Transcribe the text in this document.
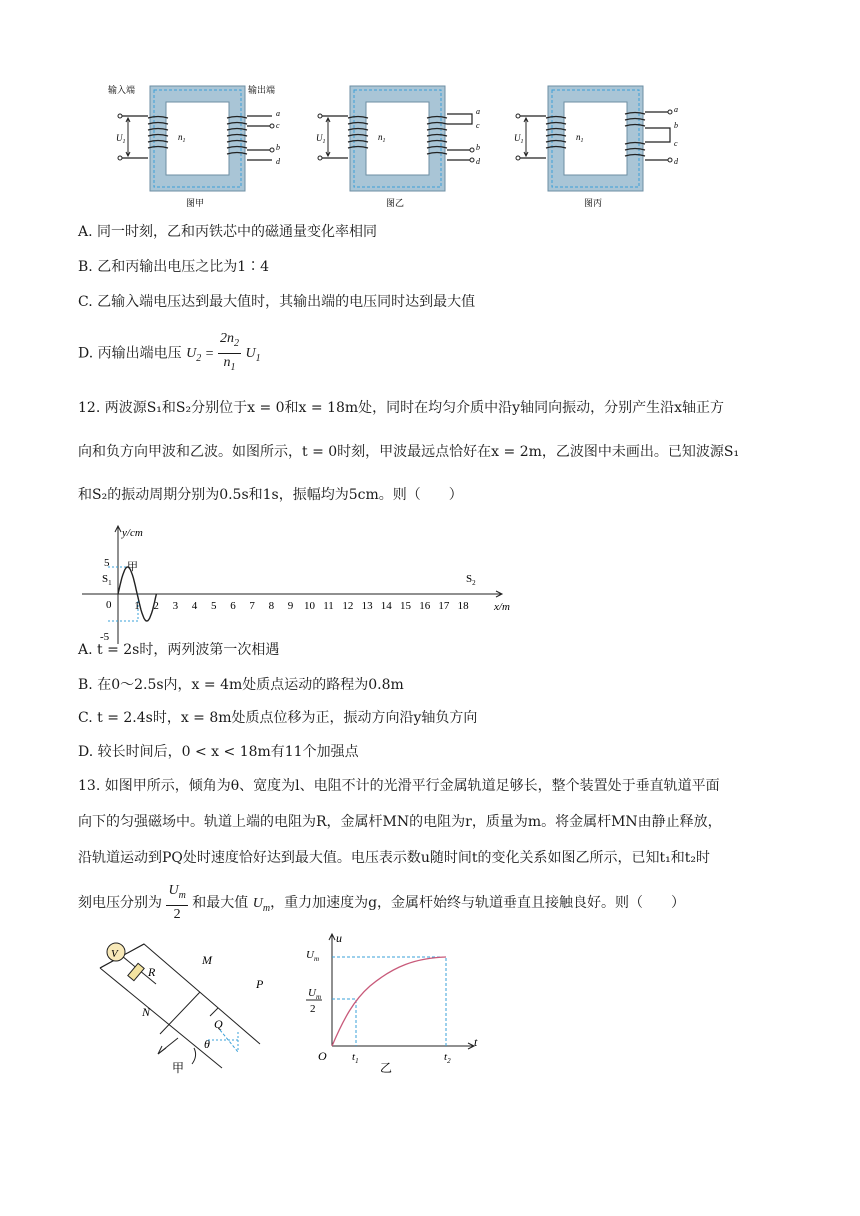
输入端	输出端
$U_1$	$n_1$
a
c
b
d
图甲
$U_1$	$n_1$
a
c
b
d
图乙
$U_1$	$n_1$
a
b
c
d
图丙
A. 同一时刻，乙和丙铁芯中的磁通量变化率相同
B. 乙和丙输出电压之比为1∶4
C. 乙输入端电压达到最大值时，其输出端的电压同时达到最大值
D. 丙输出端电压 $U_2 = \frac{2n_2}{n_1} U_1$
12. 两波源S₁和S₂分别位于x = 0和x = 18m处，同时在均匀介质中沿y轴同向振动，分别产生沿x轴正方
向和负方向甲波和乙波。如图所示，t = 0时刻，甲波最远点恰好在x = 2m，乙波图中未画出。已知波源S₁
和S₂的振动周期分别为0.5s和1s，振幅均为5cm。则（　　）
y/cm
x/m
5
-5
0
$S_1$	$S_2$
甲
1 2 3 4 5 6 7 8 9 10 11 12 13 14 15 16 17 18
A. t = 2s时，两列波第一次相遇
B. 在0～2.5s内，x = 4m处质点运动的路程为0.8m
C. t = 2.4s时，x = 8m处质点位移为正，振动方向沿y轴负方向
D. 较长时间后，0 < x < 18m有11个加强点
13. 如图甲所示，倾角为θ、宽度为l、电阻不计的光滑平行金属轨道足够长，整个装置处于垂直轨道平面
向下的匀强磁场中。轨道上端的电阻为R，金属杆MN的电阻为r，质量为m。将金属杆MN由静止释放，
沿轨道运动到PQ处时速度恰好达到最大值。电压表示数u随时间t的变化关系如图乙所示，已知t₁和t₂时
刻电压分别为 $\frac{U_m}{2}$ 和最大值 $U_m$，重力加速度为g，金属杆始终与轨道垂直且接触良好。则（　　）
V
R
M
N
P
Q
θ
甲
u
t
O
$U_m$
$U_m$
2
$t_1$	$t_2$
乙
